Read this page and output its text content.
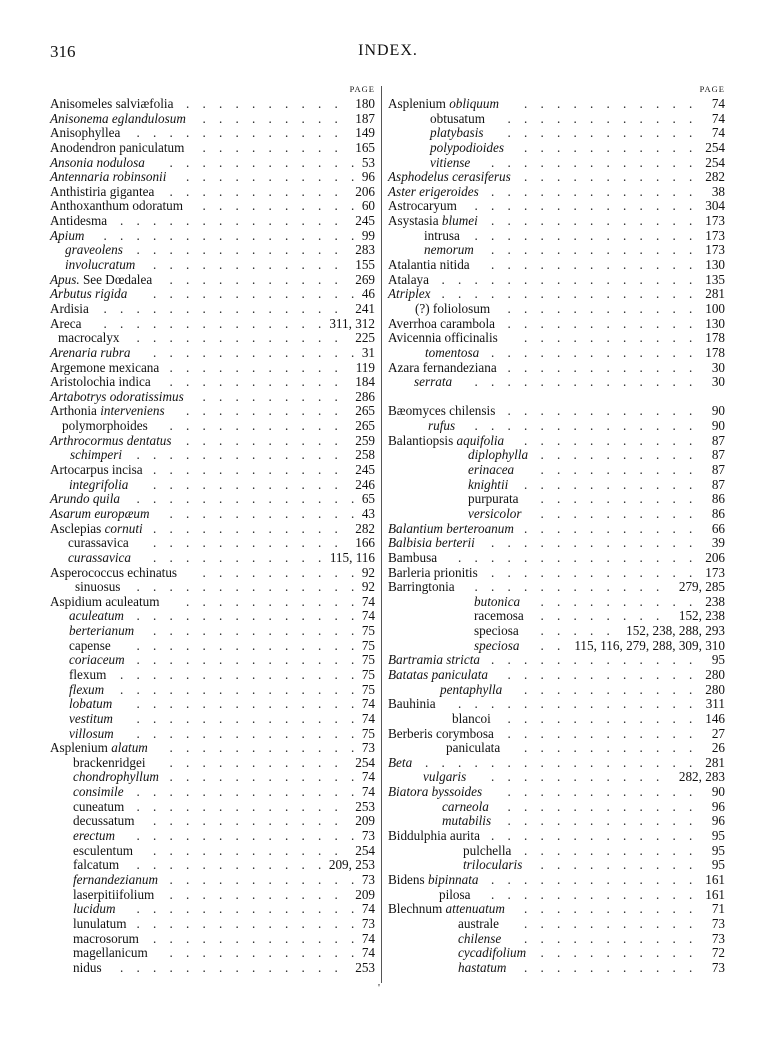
316	INDEX.
PAGE
Anisomeles salviæfolia	180
. . . . . . . . . .
Anisonema eglandulosum	187
. . . . . . . . .
Anisophyllea	149
. . . . . . . . . . . . .
Anodendron paniculatum	165
. . . . . . . . .
Ansonia nodulosa	53
. . . . . . . . . . . .
Antennaria robinsonii	96
. . . . . . . . . . .
Anthistiria gigantea	206
. . . . . . . . . . .
Anthoxanthum odoratum	60
. . . . . . . . . .
Antidesma	245
. . . . . . . . . . . . . .
Apium	99
. . . . . . . . . . . . . . . .
graveolens	283
. . . . . . . . . . . . .
involucratum	155
. . . . . . . . . . . .
Apus. See Dœdalea	269
. . . . . . . . . . .
Arbutus rigida	46
. . . . . . . . . . . . .
Ardisia	241
. . . . . . . . . . . . . . .
Areca	311, 312
. . . . . . . . . . . . . .
macrocalyx	225
. . . . . . . . . . . . .
Arenaria rubra	31
. . . . . . . . . . . . .
Argemone mexicana	119
. . . . . . . . . . .
Aristolochia indica	184
. . . . . . . . . . .
Artabotrys odoratissimus	286
. . . . . . . . .
Arthonia interveniens	265
. . . . . . . . . .
polymorphoides	265
. . . . . . . . . . .
Arthrocormus dentatus	259
. . . . . . . . . .
schimperi	258
. . . . . . . . . . . . .
Artocarpus incisa	245
. . . . . . . . . . . .
integrifolia	246
. . . . . . . . . . . .
Arundo quila	65
. . . . . . . . . . . . . .
Asarum europæum	43
. . . . . . . . . . . .
Asclepias cornuti	282
. . . . . . . . . . . .
curassavica	166
. . . . . . . . . . . .
curassavica	115, 116
. . . . . . . . . . .
Asperococcus echinatus	92
. . . . . . . . . .
sinuosus	92
. . . . . . . . . . . . . .
Aspidium aculeatum	74
. . . . . . . . . . .
aculeatum	74
. . . . . . . . . . . . . .
berterianum	75
. . . . . . . . . . . . .
capense	75
. . . . . . . . . . . . . .
coriaceum	75
. . . . . . . . . . . . . .
flexum	75
. . . . . . . . . . . . . . .
flexum	75
. . . . . . . . . . . . . . .
lobatum	74
. . . . . . . . . . . . . .
vestitum	74
. . . . . . . . . . . . . .
villosum	75
. . . . . . . . . . . . . .
Asplenium alatum	73
. . . . . . . . . . . .
brackenridgei	254
. . . . . . . . . . .
chondrophyllum	74
. . . . . . . . . . . .
consimile	74
. . . . . . . . . . . . . .
cuneatum	253
. . . . . . . . . . . . .
decussatum	209
. . . . . . . . . . . .
erectum	73
. . . . . . . . . . . . . .
esculentum	254
. . . . . . . . . . . .
falcatum	209, 253
. . . . . . . . . . . .
fernandezianum	73
. . . . . . . . . . . .
laserpitiifolium	209
. . . . . . . . . . .
lucidum	74
. . . . . . . . . . . . . .
lunulatum	73
. . . . . . . . . . . . . .
macrosorum	74
. . . . . . . . . . . . .
magellanicum	74
. . . . . . . . . . . .
nidus	253
. . . . . . . . . . . . . .
'
PAGE
Asplenium obliquum	74
. . . . . . . . . . .
obtusatum	74
. . . . . . . . . . . .
platybasis	74
. . . . . . . . . . . .
polypodioides	254
. . . . . . . . . . .
vitiense	254
. . . . . . . . . . . . .
Asphodelus cerasiferus	282
. . . . . . . . . . .
Aster erigeroides	38
. . . . . . . . . . . . .
Astrocaryum	304
. . . . . . . . . . . . . .
Asystasia blumei	173
. . . . . . . . . . . . .
intrusa	173
. . . . . . . . . . . . . .
nemorum	173
. . . . . . . . . . . . .
Atalantia nitida	130
. . . . . . . . . . . . .
Atalaya	135
. . . . . . . . . . . . . . . .
Atriplex	281
. . . . . . . . . . . . . . . .
(?) foliolosum	100
. . . . . . . . . . . .
Averrhoa carambola	130
. . . . . . . . . . . .
Avicennia officinalis	178
. . . . . . . . . . .
tomentosa	178
. . . . . . . . . . . . .
Azara fernandeziana	30
. . . . . . . . . . . .
serrata	30
. . . . . . . . . . . . . .
Bæomyces chilensis	90
. . . . . . . . . . . .
rufus	90
. . . . . . . . . . . . . .
Balantiopsis aquifolia	87
. . . . . . . . . . .
diplophylla	87
. . . . . . . . . .
erinacea	87
. . . . . . . . . .
knightii	87
. . . . . . . . . . .
purpurata	86
. . . . . . . . . .
versicolor	86
. . . . . . . . . .
Balantium berteroanum	66
. . . . . . . . . . .
Balbisia berterii	39
. . . . . . . . . . . . .
Bambusa	206
. . . . . . . . . . . . . . .
Barleria prionitis	173
. . . . . . . . . . . . .
Barringtonia	279, 285
. . . . . . . . . . . .
butonica	238
. . . . . . . . . .
racemosa	152, 238
. . . . . . . .
speciosa	152, 238, 288, 293
. . . . .
speciosa	115, 116, 279, 288, 309, 310
. .
Bartramia stricta	95
. . . . . . . . . . . . .
Batatas paniculata	280
. . . . . . . . . . . .
pentaphylla	280
. . . . . . . . . . .
Bauhinia	311
. . . . . . . . . . . . . . .
blancoi	146
. . . . . . . . . . . .
Berberis corymbosa	27
. . . . . . . . . . . .
paniculata	26
. . . . . . . . . . .
Beta	281
. . . . . . . . . . . . . . . . .
vulgaris	282, 283
. . . . . . . . . . .
Biatora byssoides	90
. . . . . . . . . . . .
carneola	96
. . . . . . . . . . . .
mutabilis	96
. . . . . . . . . . . .
Biddulphia aurita	95
. . . . . . . . . . . . .
pulchella	95
. . . . . . . . . . .
trilocularis	95
. . . . . . . . . .
Bidens bipinnata	161
. . . . . . . . . . . . .
pilosa	161
. . . . . . . . . . . . .
Blechnum attenuatum	71
. . . . . . . . . . .
australe	73
. . . . . . . . . . .
chilense	73
. . . . . . . . . . .
cycadifolium	72
. . . . . . . . . .
hastatum	73
. . . . . . . . . . .
